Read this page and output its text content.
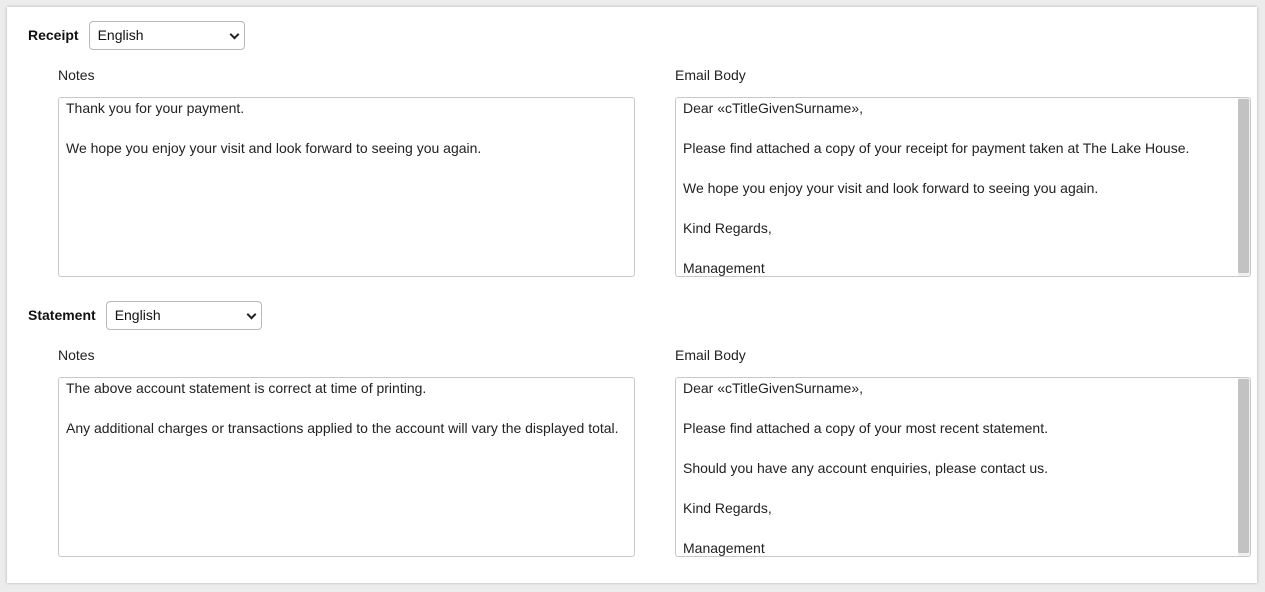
Receipt English
Notes	Email Body
Thank you for your payment.
We hope you enjoy your visit and look forward to seeing you again.
Dear «cTitleGivenSurname»,
Please find attached a copy of your receipt for payment taken at The Lake House.
We hope you enjoy your visit and look forward to seeing you again.
Kind Regards,
Management
Statement English
Notes	Email Body
The above account statement is correct at time of printing.
Any additional charges or transactions applied to the account will vary the displayed total.
Dear «cTitleGivenSurname»,
Please find attached a copy of your most recent statement.
Should you have any account enquiries, please contact us.
Kind Regards,
Management
